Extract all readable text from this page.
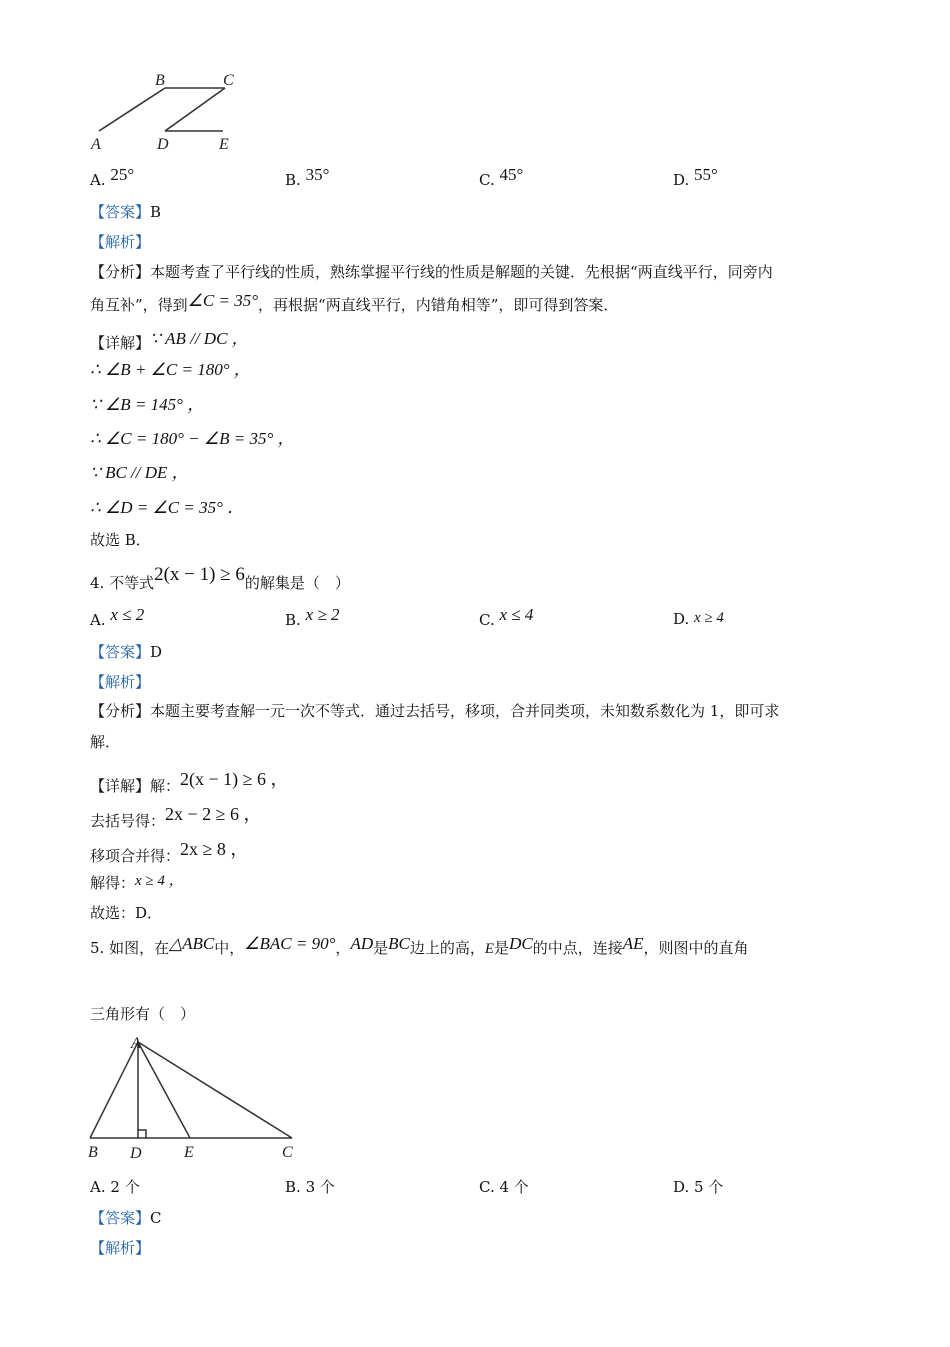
B	C
A	D	E
A. 25°	B. 35°	C. 45°	D. 55°
【答案】B
【解析】
【分析】本题考查了平行线的性质，熟练掌握平行线的性质是解题的关键．先根据“两直线平行，同旁内
角互补”，得到∠C = 35°，再根据“两直线平行，内错角相等”，即可得到答案．
【详解】∵ AB // DC ，
∴ ∠B + ∠C = 180° ，
∵ ∠B = 145° ，
∴ ∠C = 180° − ∠B = 35° ，
∵ BC // DE ，
∴ ∠D = ∠C = 35° ．
故选 B．
4. 不等式2(x − 1) ≥ 6的解集是（　）
A. x ≤ 2	B. x ≥ 2	C. x ≤ 4	D. x ≥ 4
【答案】D
【解析】
【分析】本题主要考查解一元一次不等式．通过去括号，移项，合并同类项，未知数系数化为 1，即可求
解．
【详解】解：2(x − 1) ≥ 6 ，
去括号得：2x − 2 ≥ 6 ，
移项合并得：2x ≥ 8 ，
解得：x ≥ 4 ，
故选：D．
5. 如图，在△ABC中，∠BAC = 90°，AD是BC边上的高，E是DC的中点，连接AE，则图中的直角
三角形有（　）
A
B D	E	C
A. 2 个	B. 3 个	C. 4 个	D. 5 个
【答案】C
【解析】
